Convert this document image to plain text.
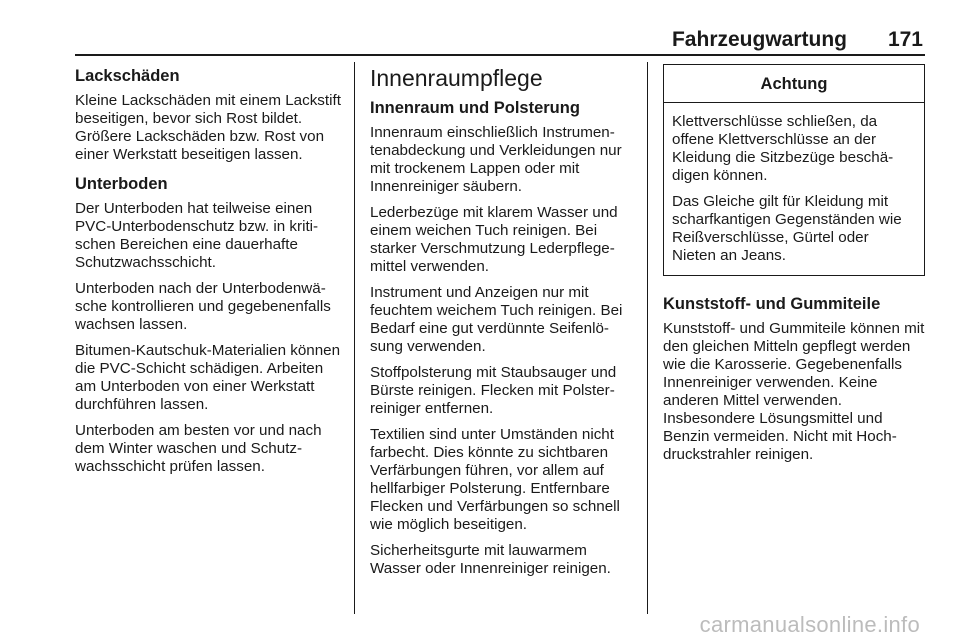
Fahrzeugwartung 171
Lackschäden

Kleine Lackschäden mit einem Lackstift beseitigen, bevor sich Rost bildet. Größere Lackschäden bzw. Rost von einer Werkstatt beseitigen lassen.

Unterboden

Der Unterboden hat teilweise einen PVC-Unterbodenschutz bzw. in kritischen Bereichen eine dauerhafte Schutzwachsschicht.

Unterboden nach der Unterbodenwäsche kontrollieren und gegebenenfalls wachsen lassen.

Bitumen-Kautschuk-Materialien können die PVC-Schicht schädigen. Arbeiten am Unterboden von einer Werkstatt durchführen lassen.

Unterboden am besten vor und nach dem Winter waschen und Schutzwachsschicht prüfen lassen.

Innenraumpflege
Innenraum und Polsterung

Innenraum einschließlich Instrumentenabdeckung und Verkleidungen nur mit trockenem Lappen oder mit Innenreiniger säubern.

Lederbezüge mit klarem Wasser und einem weichen Tuch reinigen. Bei starker Verschmutzung Lederpflegemittel verwenden.

Instrument und Anzeigen nur mit feuchtem weichem Tuch reinigen. Bei Bedarf eine gut verdünnte Seifenlösung verwenden.

Stoffpolsterung mit Staubsauger und Bürste reinigen. Flecken mit Polsterreiniger entfernen.

Textilien sind unter Umständen nicht farbecht. Dies könnte zu sichtbaren Verfärbungen führen, vor allem auf hellfarbiger Polsterung. Entfernbare Flecken und Verfärbungen so schnell wie möglich beseitigen.

Sicherheitsgurte mit lauwarmem Wasser oder Innenreiniger reinigen.

Achtung

Klettverschlüsse schließen, da offene Klettverschlüsse an der Kleidung die Sitzbezüge beschädigen können.

Das Gleiche gilt für Kleidung mit scharfkantigen Gegenständen wie Reißverschlüsse, Gürtel oder Nieten an Jeans.

Kunststoff- und Gummiteile

Kunststoff- und Gummiteile können mit den gleichen Mitteln gepflegt werden wie die Karosserie. Gegebenenfalls Innenreiniger verwenden. Keine anderen Mittel verwenden. Insbesondere Lösungsmittel und Benzin vermeiden. Nicht mit Hochdruckstrahler reinigen.

carmanualsonline.info
